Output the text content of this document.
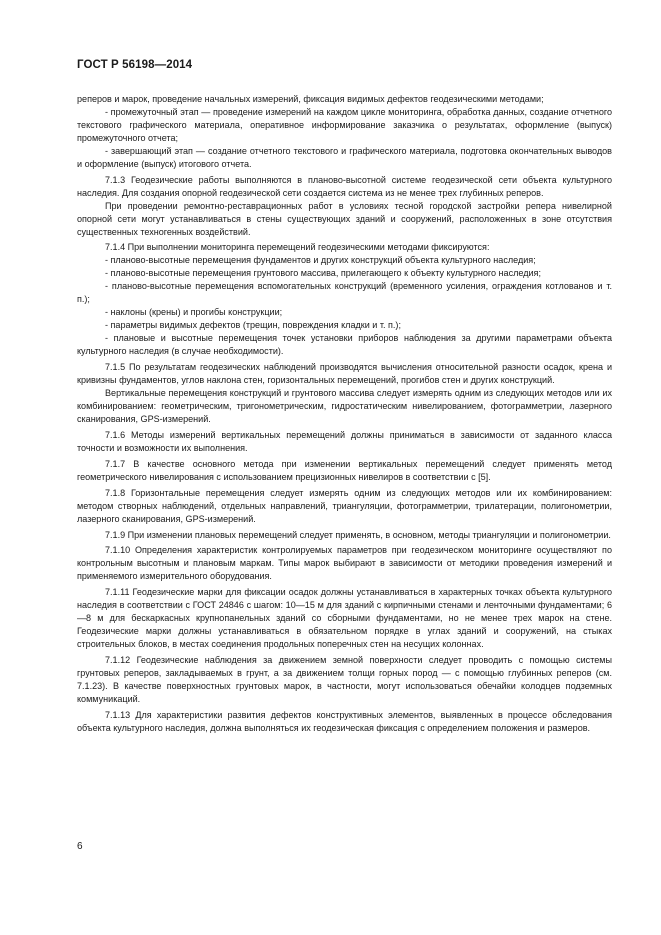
ГОСТ Р 56198—2014

реперов и марок, проведение начальных измерений, фиксация видимых дефектов геодезическими методами;

- промежуточный этап — проведение измерений на каждом цикле мониторинга, обработка данных, создание отчетного текстового графического материала, оперативное информирование заказчика о результатах, оформление (выпуск) промежуточного отчета;

- завершающий этап — создание отчетного текстового и графического материала, подготовка окончательных выводов и оформление (выпуск) итогового отчета.

7.1.3 Геодезические работы выполняются в планово-высотной системе геодезической сети объекта культурного наследия. Для создания опорной геодезической сети создается система из не менее трех глубинных реперов.

При проведении ремонтно-реставрационных работ в условиях тесной городской застройки репера нивелирной опорной сети могут устанавливаться в стены существующих зданий и сооружений, расположенных в зоне отсутствия существенных техногенных воздействий.

7.1.4 При выполнении мониторинга перемещений геодезическими методами фиксируются:

- планово-высотные перемещения фундаментов и других конструкций объекта культурного наследия;

- планово-высотные перемещения грунтового массива, прилегающего к объекту культурного наследия;

- планово-высотные перемещения вспомогательных конструкций (временного усиления, ограждения котлованов и т. п.);

- наклоны (крены) и прогибы конструкции;

- параметры видимых дефектов (трещин, повреждения кладки и т. п.);

- плановые и высотные перемещения точек установки приборов наблюдения за другими параметрами объекта культурного наследия (в случае необходимости).

7.1.5 По результатам геодезических наблюдений производятся вычисления относительной разности осадок, крена и кривизны фундаментов, углов наклона стен, горизонтальных перемещений, прогибов стен и других конструкций.

Вертикальные перемещения конструкций и грунтового массива следует измерять одним из следующих методов или их комбинированием: геометрическим, тригонометрическим, гидростатическим нивелированием, фотограмметрии, лазерного сканирования, GPS-измерений.

7.1.6 Методы измерений вертикальных перемещений должны приниматься в зависимости от заданного класса точности и возможности их выполнения.

7.1.7 В качестве основного метода при изменении вертикальных перемещений следует применять метод геометрического нивелирования с использованием прецизионных нивелиров в соответствии с [5].

7.1.8 Горизонтальные перемещения следует измерять одним из следующих методов или их комбинированием: методом створных наблюдений, отдельных направлений, триангуляции, фотограмметрии, трилатерации, полигонометрии, лазерного сканирования, GPS-измерений.

7.1.9 При изменении плановых перемещений следует применять, в основном, методы триангуляции и полигонометрии.

7.1.10 Определения характеристик контролируемых параметров при геодезическом мониторинге осуществляют по контрольным высотным и плановым маркам. Типы марок выбирают в зависимости от методики проведения измерений и применяемого измерительного оборудования.

7.1.11 Геодезические марки для фиксации осадок должны устанавливаться в характерных точках объекта культурного наследия в соответствии с ГОСТ 24846 с шагом: 10—15 м для зданий с кирпичными стенами и ленточными фундаментами; 6—8 м для бескаркасных крупнопанельных зданий со сборными фундаментами, но не менее трех марок на стене. Геодезические марки должны устанавливаться в обязательном порядке в углах зданий и сооружений, на стыках строительных блоков, в местах соединения продольных поперечных стен на несущих колоннах.

7.1.12 Геодезические наблюдения за движением земной поверхности следует проводить с помощью системы грунтовых реперов, закладываемых в грунт, а за движением толщи горных пород — с помощью глубинных реперов (см. 7.1.23). В качестве поверхностных грунтовых марок, в частности, могут использоваться обечайки колодцев подземных коммуникаций.

7.1.13 Для характеристики развития дефектов конструктивных элементов, выявленных в процессе обследования объекта культурного наследия, должна выполняться их геодезическая фиксация с определением положения и размеров.

6
